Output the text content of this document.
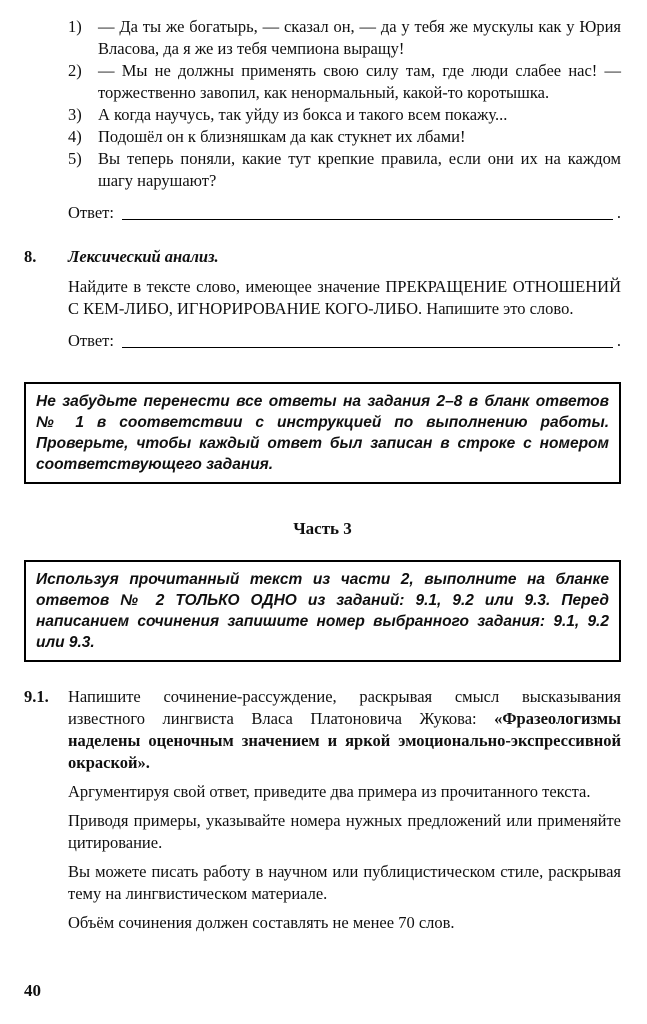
1) — Да ты же богатырь, — сказал он, — да у тебя же мускулы как у Юрия Власова, да я же из тебя чемпиона выращу!
2) — Мы не должны применять свою силу там, где люди слабее нас! — торжественно завопил, как ненормальный, какой-то коротышка.
3) А когда научусь, так уйду из бокса и такого всем покажу...
4) Подошёл он к близняшкам да как стукнет их лбами!
5) Вы теперь поняли, какие тут крепкие правила, если они их на каждом шагу нарушают?
Ответ:	.
8.	Лексический анализ.

Найдите в тексте слово, имеющее значение ПРЕКРАЩЕНИЕ ОТНОШЕНИЙ С КЕМ-ЛИБО, ИГНОРИРОВАНИЕ КОГО-ЛИБО. Напишите это слово.

Ответ:	.
Не забудьте перенести все ответы на задания 2–8 в бланк ответов № 1 в соответствии с инструкцией по выполнению работы. Проверьте, чтобы каждый ответ был записан в строке с номером соответствующего задания.
Часть 3
Используя прочитанный текст из части 2, выполните на бланке ответов № 2 ТОЛЬКО ОДНО из заданий: 9.1, 9.2 или 9.3. Перед написанием сочинения запишите номер выбранного задания: 9.1, 9.2 или 9.3.
9.1.	Напишите сочинение-рассуждение, раскрывая смысл высказывания известного лингвиста Власа Платоновича Жукова: «Фразеологизмы наделены оценочным значением и яркой эмоционально-экспрессивной окраской».

Аргументируя свой ответ, приведите два примера из прочитанного текста.

Приводя примеры, указывайте номера нужных предложений или применяйте цитирование.

Вы можете писать работу в научном или публицистическом стиле, раскрывая тему на лингвистическом материале.

Объём сочинения должен составлять не менее 70 слов.

40
